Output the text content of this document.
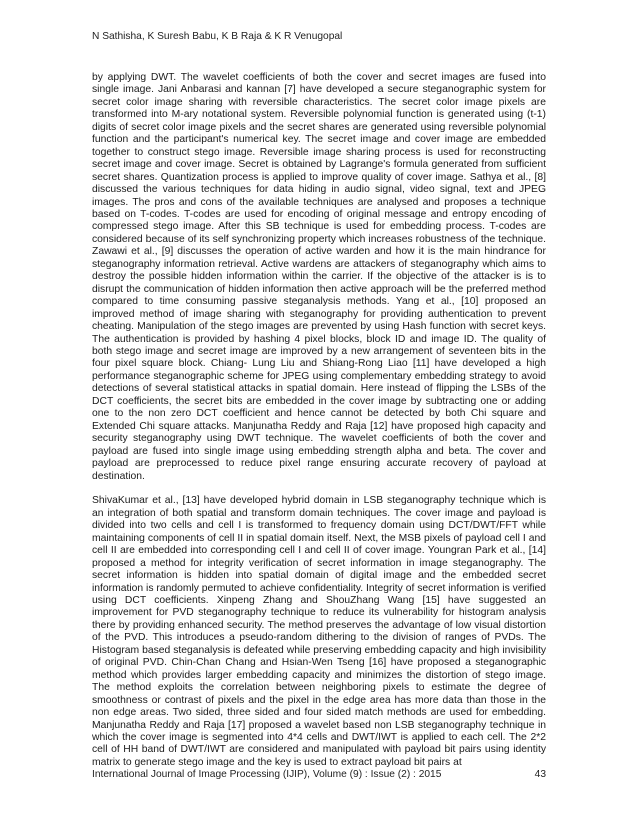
N Sathisha, K Suresh Babu, K B Raja & K R Venugopal

by applying DWT. The wavelet coefficients of both the cover and secret images are fused into single image. Jani Anbarasi and kannan [7] have developed a secure steganographic system for secret color image sharing with reversible characteristics. The secret color image pixels are transformed into M-ary notational system. Reversible polynomial function is generated using (t-1) digits of secret color image pixels and the secret shares are generated using reversible polynomial function and the participant's numerical key. The secret image and cover image are embedded together to construct stego image. Reversible image sharing process is used for reconstructing secret image and cover image. Secret is obtained by Lagrange's formula generated from sufficient secret shares. Quantization process is applied to improve quality of cover image. Sathya et al., [8] discussed the various techniques for data hiding in audio signal, video signal, text and JPEG images. The pros and cons of the available techniques are analysed and proposes a technique based on T-codes. T-codes are used for encoding of original message and entropy encoding of compressed stego image. After this SB technique is used for embedding process. T-codes are considered because of its self synchronizing property which increases robustness of the technique. Zawawi et al., [9] discusses the operation of active warden and how it is the main hindrance for steganography information retrieval. Active wardens are attackers of steganography which aims to destroy the possible hidden information within the carrier. If the objective of the attacker is is to disrupt the communication of hidden information then active approach will be the preferred method compared to time consuming passive steganalysis methods. Yang et al., [10] proposed an improved method of image sharing with steganography for providing authentication to prevent cheating. Manipulation of the stego images are prevented by using Hash function with secret keys. The authentication is provided by hashing 4 pixel blocks, block ID and image ID. The quality of both stego image and secret image are improved by a new arrangement of seventeen bits in the four pixel square block. Chiang- Lung Liu and Shiang-Rong Liao [11] have developed a high performance steganographic scheme for JPEG using complementary embedding strategy to avoid detections of several statistical attacks in spatial domain. Here instead of flipping the LSBs of the DCT coefficients, the secret bits are embedded in the cover image by subtracting one or adding one to the non zero DCT coefficient and hence cannot be detected by both Chi square and Extended Chi square attacks. Manjunatha Reddy and Raja [12] have proposed high capacity and security steganography using DWT technique. The wavelet coefficients of both the cover and payload are fused into single image using embedding strength alpha and beta. The cover and payload are preprocessed to reduce pixel range ensuring accurate recovery of payload at destination.

ShivaKumar et al., [13] have developed hybrid domain in LSB steganography technique which is an integration of both spatial and transform domain techniques. The cover image and payload is divided into two cells and cell I is transformed to frequency domain using DCT/DWT/FFT while maintaining components of cell II in spatial domain itself. Next, the MSB pixels of payload cell I and cell II are embedded into corresponding cell I and cell II of cover image. Youngran Park et al., [14] proposed a method for integrity verification of secret information in image steganography. The secret information is hidden into spatial domain of digital image and the embedded secret information is randomly permuted to achieve confidentiality. Integrity of secret information is verified using DCT coefficients. Xinpeng Zhang and ShouZhang Wang [15] have suggested an improvement for PVD steganography technique to reduce its vulnerability for histogram analysis there by providing enhanced security. The method preserves the advantage of low visual distortion of the PVD. This introduces a pseudo-random dithering to the division of ranges of PVDs. The Histogram based steganalysis is defeated while preserving embedding capacity and high invisibility of original PVD. Chin-Chan Chang and Hsian-Wen Tseng [16] have proposed a steganographic method which provides larger embedding capacity and minimizes the distortion of stego image. The method exploits the correlation between neighboring pixels to estimate the degree of smoothness or contrast of pixels and the pixel in the edge area has more data than those in the non edge areas. Two sided, three sided and four sided match methods are used for embedding. Manjunatha Reddy and Raja [17] proposed a wavelet based non LSB steganography technique in which the cover image is segmented into 4*4 cells and DWT/IWT is applied to each cell. The 2*2 cell of HH band of DWT/IWT are considered and manipulated with payload bit pairs using identity matrix to generate stego image and the key is used to extract payload bit pairs at

International Journal of Image Processing (IJIP), Volume (9) : Issue (2) : 2015	43
